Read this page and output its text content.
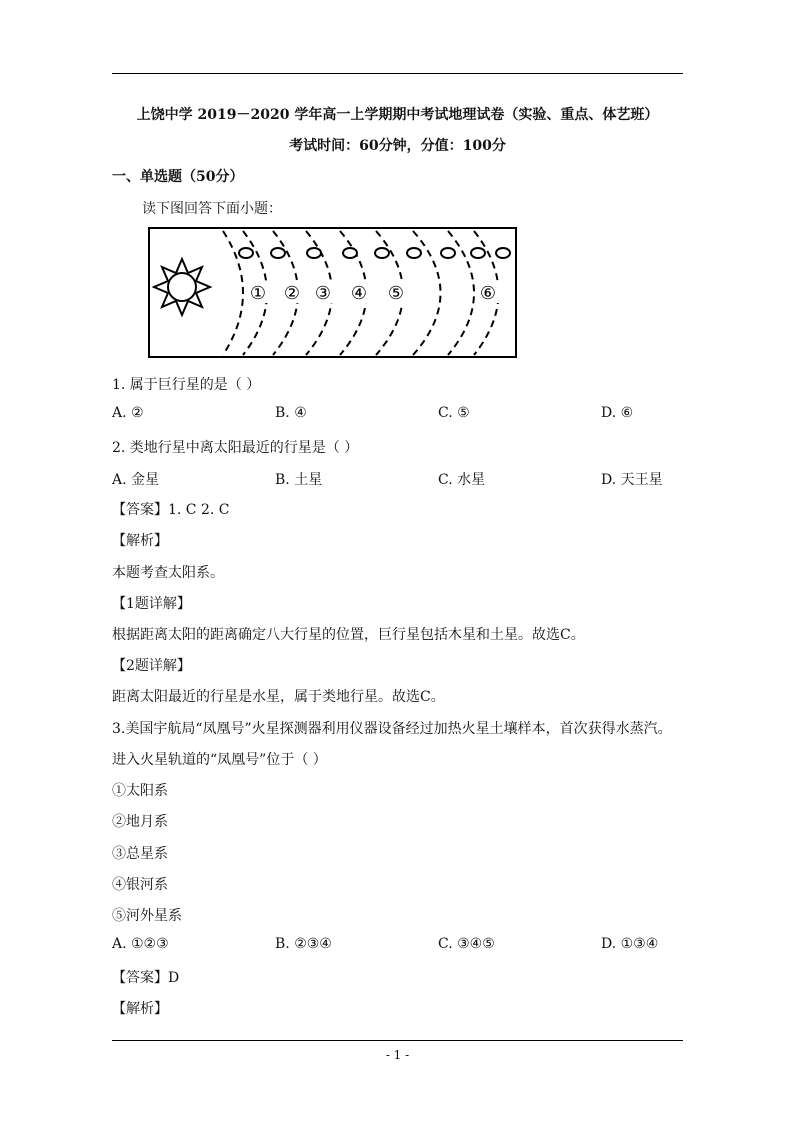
上饶中学 2019－2020 学年高一上学期期中考试地理试卷（实验、重点、体艺班）
考试时间：60分钟，分值：100分
一、单选题（50分）
读下图回答下面小题：
① ② ③ ④ ⑤	⑥
1. 属于巨行星的是（ ）
A. ②	B. ④	C. ⑤	D. ⑥
2. 类地行星中离太阳最近的行星是（ ）
A. 金星	B. 土星	C. 水星	D. 天王星
【答案】1. C 2. C
【解析】
本题考查太阳系。
【1题详解】
根据距离太阳的距离确定八大行星的位置，巨行星包括木星和土星。故选C。
【2题详解】
距离太阳最近的行星是水星，属于类地行星。故选C。
3.美国宇航局“凤凰号”火星探测器利用仪器设备经过加热火星土壤样本，首次获得水蒸汽。
进入火星轨道的“凤凰号”位于（ ）
①太阳系
②地月系
③总星系
④银河系
⑤河外星系
A. ①②③	B. ②③④	C. ③④⑤	D. ①③④
【答案】D
【解析】
- 1 -
